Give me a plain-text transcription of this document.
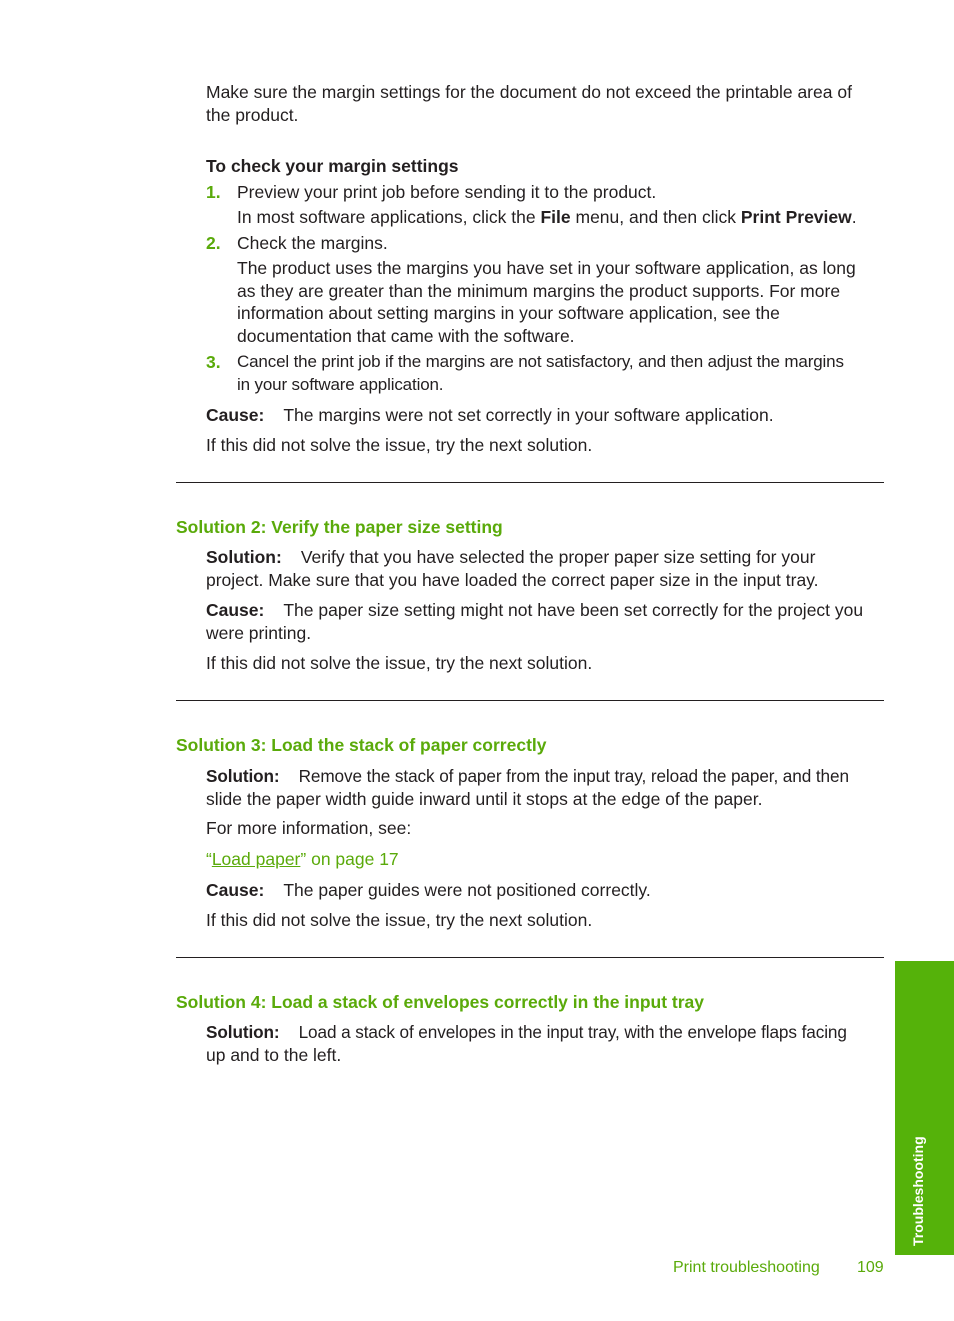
Make sure the margin settings for the document do not exceed the printable area of
the product.
To check your margin settings
1. Preview your print job before sending it to the product.
In most software applications, click the File menu, and then click Print Preview.
2. Check the margins.
The product uses the margins you have set in your software application, as long
as they are greater than the minimum margins the product supports. For more
information about setting margins in your software application, see the
documentation that came with the software.
3. Cancel the print job if the margins are not satisfactory, and then adjust the margins
in your software application.
Cause: The margins were not set correctly in your software application.
If this did not solve the issue, try the next solution.
Solution 2: Verify the paper size setting
Solution: Verify that you have selected the proper paper size setting for your
project. Make sure that you have loaded the correct paper size in the input tray.
Cause: The paper size setting might not have been set correctly for the project you
were printing.
If this did not solve the issue, try the next solution.
Solution 3: Load the stack of paper correctly
Solution: Remove the stack of paper from the input tray, reload the paper, and then
slide the paper width guide inward until it stops at the edge of the paper.
For more information, see:
“Load paper” on page 17
Cause: The paper guides were not positioned correctly.
If this did not solve the issue, try the next solution.
Solution 4: Load a stack of envelopes correctly in the input tray
Solution: Load a stack of envelopes in the input tray, with the envelope flaps facing
up and to the left.
Troubleshooting
Print troubleshooting 109
